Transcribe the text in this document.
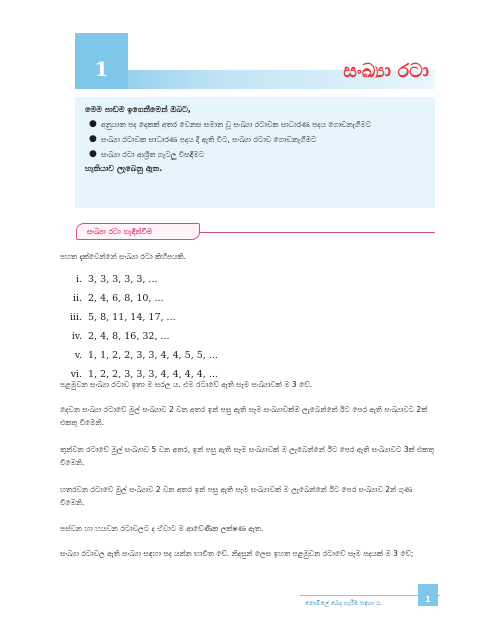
1	සංඛ්‍යා රටා
මෙම පාඩම ඉගෙනීමෙන් ඔබට,
● අනුයාත පද දෙකක් අතර වෙනස සමාන වූ සංඛ්‍යා රටාවක සාධාරණ පදය ගොඩනැගීමට
● සංඛ්‍යා රටාවක සාධාරණ පදය දී ඇති විට, සංඛ්‍යා රටාව ගොඩනැගීමට
● සංඛ්‍යා රටා ආශ්‍රිත ගැටලු විසඳීමට
හැකියාව ලැබෙනු ඇත.
සංඛ්‍යා රටා හැඳින්වීම
පහත දැක්වෙන්නේ සංඛ්‍යා රටා කිහිපයකි.
i. 3, 3, 3, 3, 3, ...
ii. 2, 4, 6, 8, 10, ...
iii. 5, 8, 11, 14, 17, ...
iv. 2, 4, 8, 16, 32, ...
v. 1, 1, 2, 2, 3, 3, 4, 4, 5, 5, ...
vi. 1, 2, 2, 3, 3, 3, 4, 4, 4, 4, ...
පළමුවන සංඛ්‍යා රටාව ඉතා ම සරල ය. එම රටාවේ ඇති සෑම සංඛ්‍යාවක් ම 3 වේ.
දෙවන සංඛ්‍යා රටාවේ මුල් සංඛ්‍යාව 2 වන අතර ඉන් පසු ඇති සෑම සංඛ්‍යාවක්ම ලැබෙන්නේ ඊට පෙර ඇති සංඛ්‍යාවට 2ක් එකතු විමෙනි.
තුන්වන රටාවේ මුල් සංඛ්‍යාව 5 වන අතර, ඉන් පසු ඇති සෑම සංඛ්‍යාවක් ම ලැබෙන්නේ ඊට පෙර ඇති සංඛ්‍යාවට 3ක් එකතු විමෙනි.
හතරවන රටාවේ මුල් සංඛ්‍යාව 2 වන අතර ඉන් පසු ඇති සෑම සංඛ්‍යාවක් ම ලැබෙන්නේ ඊට පෙර සංඛ්‍යාව 2න් ගුණ විමෙනි.
පස්වන හා හයවන රටාවලට ද ඒවාට ම ආවේණික ලක්ෂණ ඇත.
සංඛ්‍යා රටාවල ඇති සංඛ්‍යා සඳහා පද යන්න භාවිත වේ. නිදසුන් ලෙස ඉහත පළමුවන රටාවේ සෑම පදයක් ම 3 වේ;
නොමිලේ බෙදා හැරීම සඳහා ය.	1
